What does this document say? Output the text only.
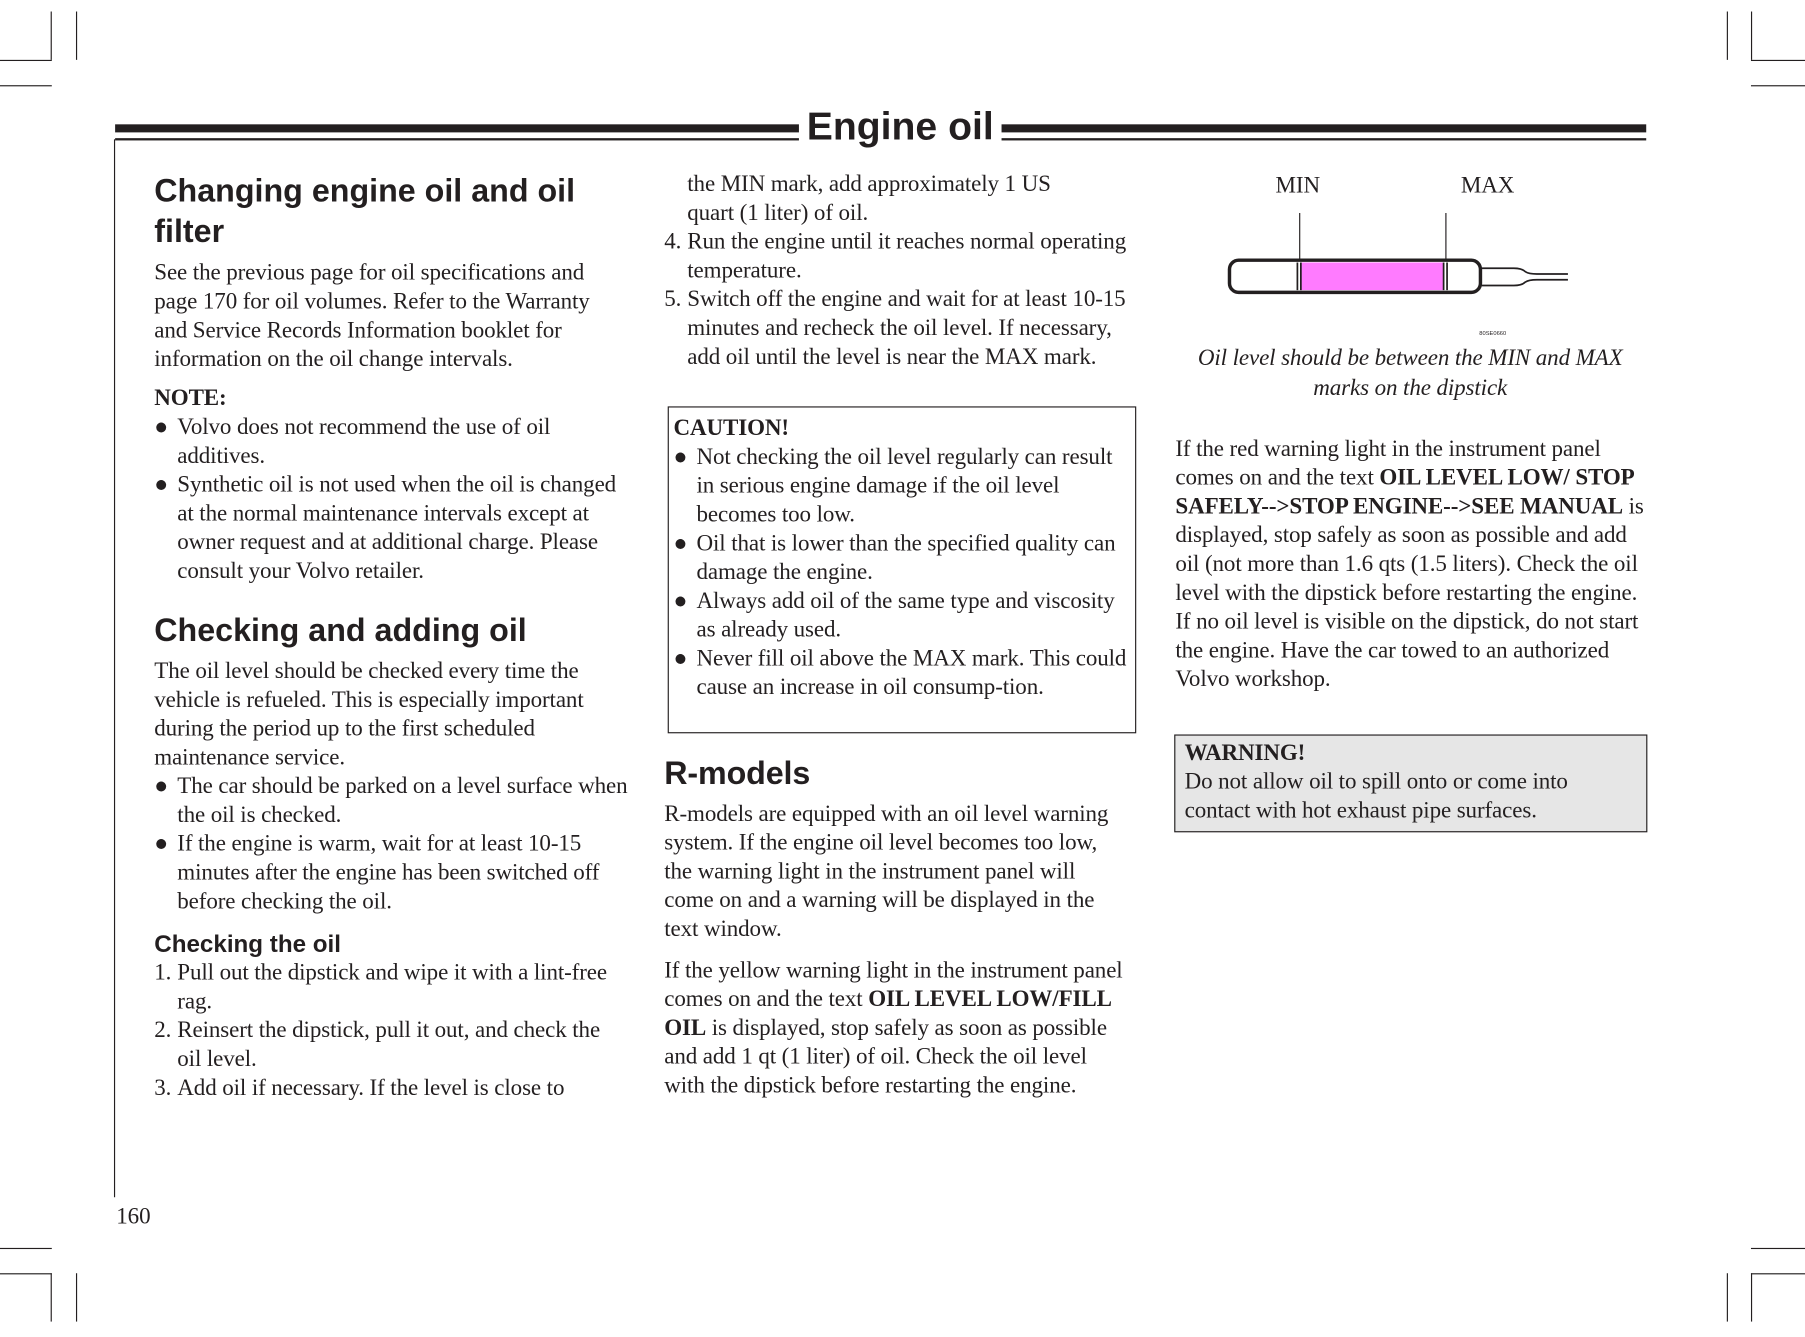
Engine oil
Changing engine oil and oil filter

See the previous page for oil specifications and page 170 for oil volumes. Refer to the Warranty and Service Records Information booklet for information on the oil change intervals.

NOTE:

● Volvo does not recommend the use of oil additives.
● Synthetic oil is not used when the oil is changed at the normal maintenance intervals except at owner request and at additional charge. Please consult your Volvo retailer.
Checking and adding oil

The oil level should be checked every time the vehicle is refueled. This is especially important during the period up to the first scheduled maintenance service.

● The car should be parked on a level surface when the oil is checked.
● If the engine is warm, wait for at least 10-15 minutes after the engine has been switched off before checking the oil.
Checking the oil
1. Pull out the dipstick and wipe it with a lint-free rag.
2. Reinsert the dipstick, pull it out, and check the oil level.
3. Add oil if necessary. If the level is close to

the MIN mark, add approximately 1 US quart (1 liter) of oil.

4. Run the engine until it reaches normal operating temperature.
5. Switch off the engine and wait for at least 10-15 minutes and recheck the oil level. If necessary, add oil until the level is near the MAX mark.

CAUTION!

● Not checking the oil level regularly can result in serious engine damage if the oil level becomes too low.
● Oil that is lower than the specified quality can damage the engine.
● Always add oil of the same type and viscosity as already used.
● Never fill oil above the MAX mark. This could cause an increase in oil consump-tion.
R-models

R-models are equipped with an oil level warning system. If the engine oil level becomes too low, the warning light in the instrument panel will come on and a warning will be displayed in the text window.

If the yellow warning light in the instrument panel comes on and the text OIL LEVEL LOW/FILL OIL is displayed, stop safely as soon as possible and add 1 qt (1 liter) of oil. Check the oil level with the dipstick before restarting the engine.

MIN	MAX
80SE0660

Oil level should be between the MIN and MAX marks on the dipstick

If the red warning light in the instrument panel comes on and the text OIL LEVEL LOW/ STOP SAFELY-->STOP ENGINE-->SEE MANUAL is displayed, stop safely as soon as possible and add oil (not more than 1.6 qts (1.5 liters). Check the oil level with the dipstick before restarting the engine. If no oil level is visible on the dipstick, do not start the engine. Have the car towed to an authorized Volvo workshop.

WARNING!

Do not allow oil to spill onto or come into contact with hot exhaust pipe surfaces.

160
